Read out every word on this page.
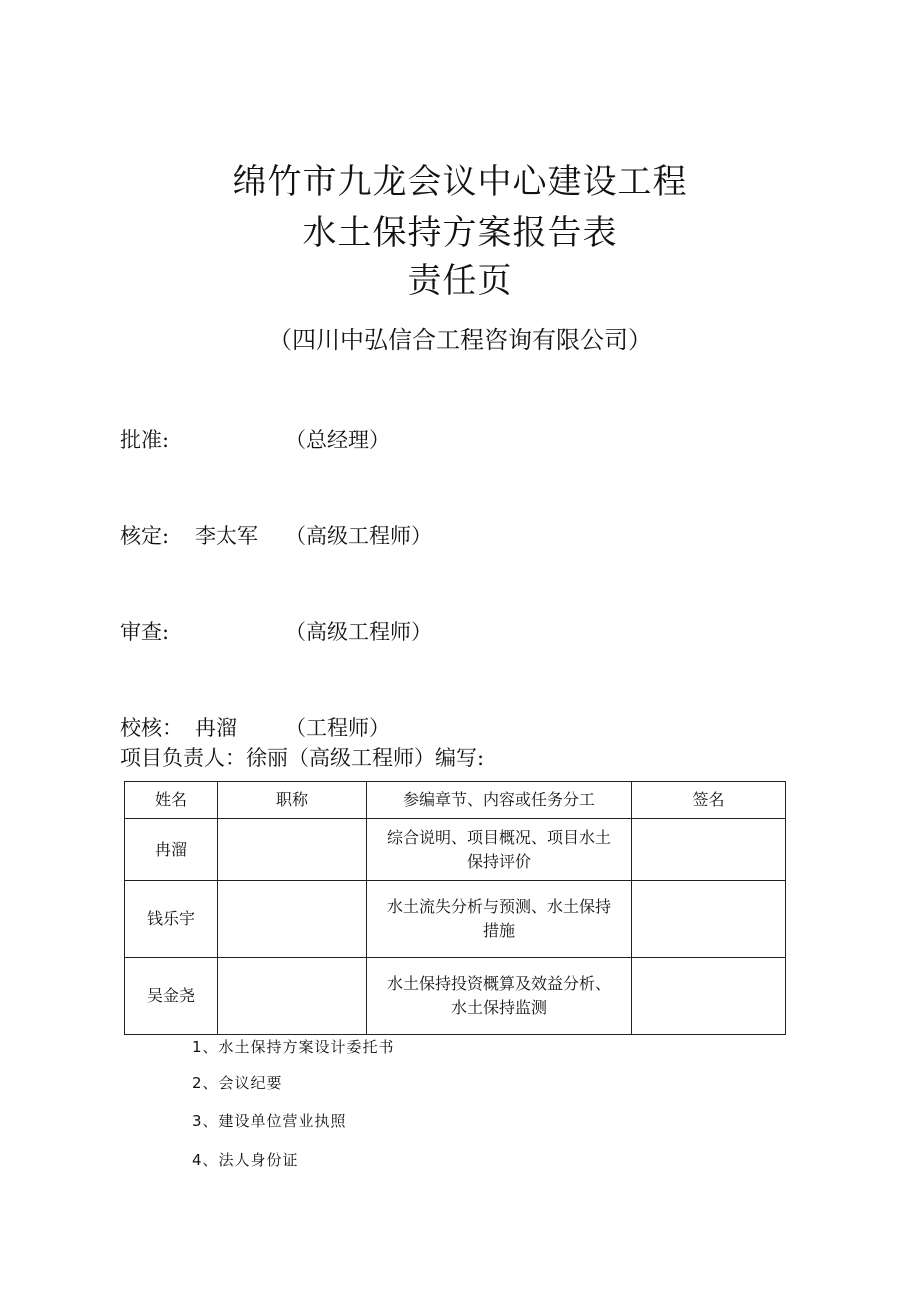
绵竹市九龙会议中心建设工程
水土保持方案报告表
责任页
（四川中弘信合工程咨询有限公司）
批准:	（总经理）
核定: 李太军 （高级工程师）
审查:	（高级工程师）
校核： 冉溜 （工程师）
项目负责人：徐丽（高级工程师）编写:
姓名	职称	参编章节、内容或任务分工	签名
冉溜		综合说明、项目概况、项目水土
保持评价	

钱乐宇		水土流失分析与预测、水土保持
措施	

吴金尧		水土保持投资概算及效益分析、
水土保持监测	

1、水土保持方案设计委托书
2、会议纪要
3、建设单位营业执照
4、法人身份证
